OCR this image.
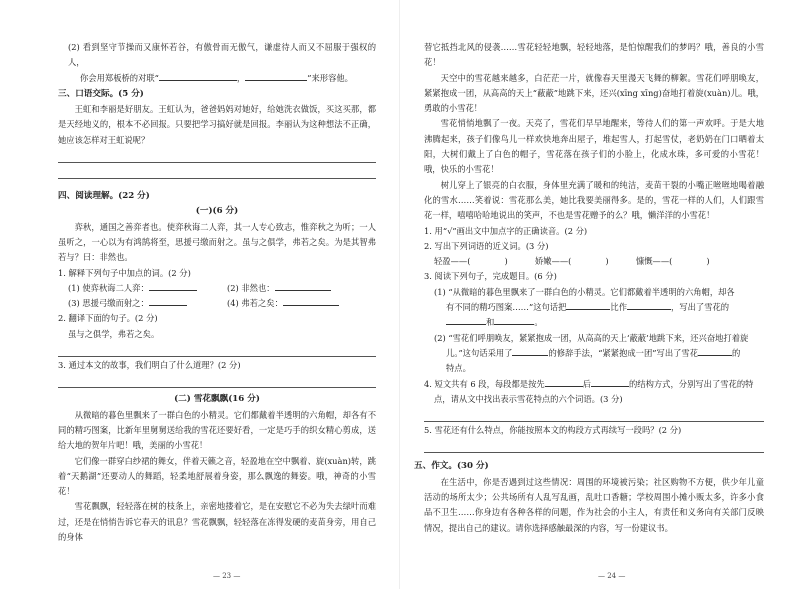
(2) 看到坚守节操而又康怀若谷，有傲骨而无傲气，谦虚待人而又不屈服于强权的人，
你会用郑板桥的对联“	，	”来形容他。
三、口语交际。(5 分)
王虹和李丽是好朋友。王虹认为，爸爸妈妈对她好，给她洗衣做饭，买这买那，都是天经地义的，根本不必回报。只要把学习搞好就是回报。李丽认为这种想法不正确，她应该怎样对王虹说呢？
四、阅读理解。(22 分)
(一)(6 分)
弈秋，通国之善弈者也。使弈秋诲二人弈，其一人专心致志，惟弈秋之为听；一人虽听之，一心以为有鸿鹄将至，思援弓缴而射之。虽与之俱学，弗若之矣。为是其智弗若与？曰：非然也。
1. 解释下列句子中加点的词。(2 分)
(1) 使弈秋诲二人弈：	(2) 非然也：
(3) 思援弓缴而射之：	(4) 弗若之矣：
2. 翻译下面的句子。(2 分)
虽与之俱学，弗若之矣。
3. 通过本文的故事，我们明白了什么道理？(2 分)
(二) 雪花飘飘(16 分)
从微暗的暮色里飘来了一群白色的小精灵。它们都戴着半透明的六角帽，却各有不同的精巧图案，比新年里舅舅送给我的雪花还要好看，一定是巧手的织女精心剪成，送给大地的贺年片吧！哦，美丽的小雪花！
它们像一群穿白纱裙的舞女，伴着天籁之音，轻盈地在空中飘着、旋(xuàn)转，跳着“天鹅湖”还要动人的舞蹈，轻柔地舒展着身姿，那么飘逸的舞姿。哦，神奇的小雪花！
雪花飘飘，轻轻落在树的枝条上，亲密地搂着它，是在安慰它不必为失去绿叶而难过，还是在悄悄告诉它春天的讯息？雪花飘飘，轻轻落在冻得发硬的麦苗身旁，用自己的身体
— 23 —
替它抵挡北风的侵袭……雪花轻轻地飘，轻轻地落，是怕惊醒我们的梦吗？哦，善良的小雪花！
天空中的雪花越来越多，白茫茫一片，就像春天里漫天飞舞的柳絮。雪花们呼朋唤友，紧紧抱成一团，从高高的天上“蔽蔽”地跳下来，还兴(xīng xīng)奋地打着旋(xuàn)儿。哦，勇敢的小雪花！
雪花悄悄地飘了一夜。天亮了，雪花们早早地醒来，等待人们的第一声欢呼。于是大地沸腾起来，孩子们像鸟儿一样欢快地奔出屋子，堆起雪人，打起雪仗，老奶奶在门口晒着太阳，大树们戴上了白色的帽子，雪花落在孩子们的小脸上，化成水珠，多可爱的小雪花！哦，快乐的小雪花！
树儿穿上了银亮的白衣服，身体里充满了暖和的纯洁，麦苗干裂的小嘴正咝咝地喝着融化的雪水……笑着说：雪花那么美，她比我要美丽得多。是的，雪花一样的人们，人们跟雪花一样，嘻嘻哈哈地说出的笑声，不也是雪花赠予的么？哦，懒洋洋的小雪花！
1. 用“√”画出文中加点字的正确读音。(2 分)
2. 写出下列词语的近义词。(3 分)
轻盈——(	)	娇嫩——(	)	慷慨——(	)
3. 阅读下列句子，完成题目。(6 分)
(1) “从微暗的暮色里飘来了一群白色的小精灵。它们都戴着半透明的六角帽，却各
有不同的精巧图案……”这句话把	比作	，写出了雪花的
和	。
(2) “雪花们呼朋唤友，紧紧抱成一团，从高高的天上‘蔽蔽’地跳下来，还兴奋地打着旋
儿。”这句话采用了	的修辞手法，“紧紧抱成一团”写出了雪花	的
特点。
4. 短文共有 6 段，每段都是按先	后	的结构方式，分别写出了雪花的特
点，请从文中找出表示雪花特点的六个词语。(3 分)
5. 雪花还有什么特点，你能按照本文的构段方式再续写一段吗？(2 分)
五、作文。(30 分)
在生活中，你是否遇到过这些情况：周围的环境被污染；社区购物不方便，供少年儿童活动的场所太少；公共场所有人乱写乱画，乱吐口香糖；学校周围小摊小贩太多，许多小食品不卫生……你身边有各种各样的问题，作为社会的小主人，有责任和义务向有关部门反映情况，提出自己的建议。请你选择感触最深的内容，写一份建议书。
— 24 —
